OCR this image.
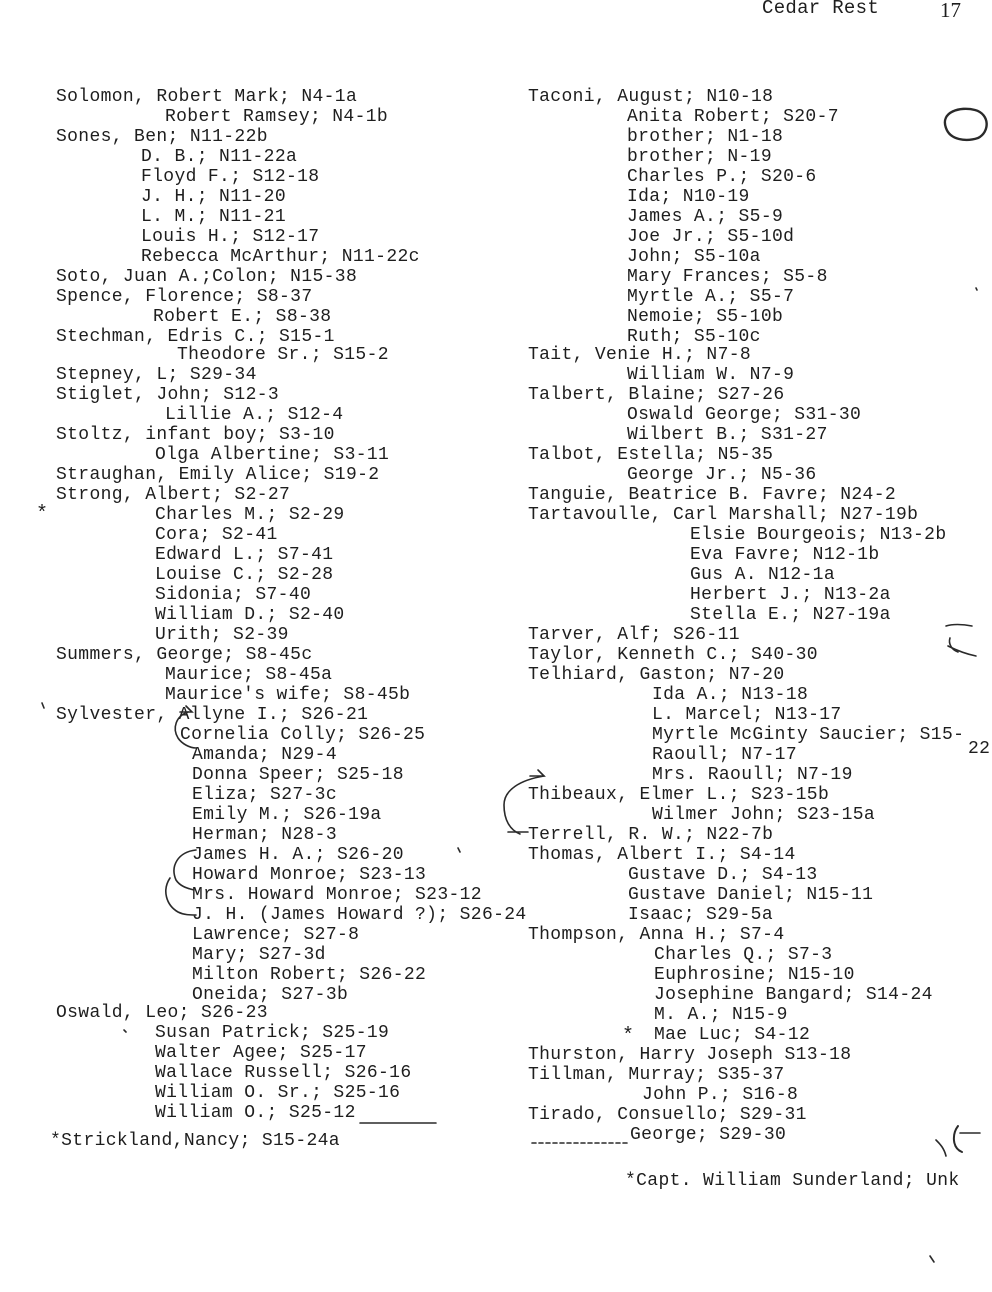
Cedar Rest	17
Solomon, Robert Mark; N4-1a
Robert Ramsey; N4-1b
Sones, Ben; N11-22b
D. B.; N11-22a
Floyd F.; S12-18
J. H.; N11-20
L. M.; N11-21
Louis H.; S12-17
Rebecca McArthur; N11-22c
Soto, Juan A.;Colon; N15-38
Spence, Florence; S8-37
Robert E.; S8-38
Stechman, Edris C.; S15-1
Theodore Sr.; S15-2
Stepney, L; S29-34
Stiglet, John; S12-3
Lillie A.; S12-4
Stoltz, infant boy; S3-10
Olga Albertine; S3-11
Straughan, Emily Alice; S19-2
Strong, Albert; S2-27
Charles M.; S2-29
Cora; S2-41
Edward L.; S7-41
Louise C.; S2-28
Sidonia; S7-40
William D.; S2-40
Urith; S2-39
Summers, George; S8-45c
Maurice; S8-45a
Maurice's wife; S8-45b
Sylvester, Allyne I.; S26-21
Cornelia Colly; S26-25
Amanda; N29-4
Donna Speer; S25-18
Eliza; S27-3c
Emily M.; S26-19a
Herman; N28-3
James H. A.; S26-20
Howard Monroe; S23-13
Mrs. Howard Monroe; S23-12
J. H. (James Howard ?); S26-24
Lawrence; S27-8
Mary; S27-3d
Milton Robert; S26-22
Oneida; S27-3b
Oswald, Leo; S26-23
Susan Patrick; S25-19
Walter Agee; S25-17
Wallace Russell; S26-16
William O. Sr.; S25-16
William O.; S25-12
Taconi, August; N10-18
Anita Robert; S20-7
brother; N1-18
brother; N-19
Charles P.; S20-6
Ida; N10-19
James A.; S5-9
Joe Jr.; S5-10d
John; S5-10a
Mary Frances; S5-8
Myrtle A.; S5-7
Nemoie; S5-10b
Ruth; S5-10c
Tait, Venie H.; N7-8
William W. N7-9
Talbert, Blaine; S27-26
Oswald George; S31-30
Wilbert B.; S31-27
Talbot, Estella; N5-35
George Jr.; N5-36
Tanguie, Beatrice B. Favre; N24-2
Tartavoulle, Carl Marshall; N27-19b
Elsie Bourgeois; N13-2b
Eva Favre; N12-1b
Gus A. N12-1a
Herbert J.; N13-2a
Stella E.; N27-19a
Tarver, Alf; S26-11
Taylor, Kenneth C.; S40-30
Telhiard, Gaston; N7-20
Ida A.; N13-18
L. Marcel; N13-17
Myrtle McGinty Saucier; S15-
Raoull; N7-17
Mrs. Raoull; N7-19
Thibeaux, Elmer L.; S23-15b
Wilmer John; S23-15a
Terrell, R. W.; N22-7b
Thomas, Albert I.; S4-14
Gustave D.; S4-13
Gustave Daniel; N15-11
Isaac; S29-5a
Thompson, Anna H.; S7-4
Charles Q.; S7-3
Euphrosine; N15-10
Josephine Bangard; S14-24
M. A.; N15-9
Mae Luc; S4-12
Thurston, Harry Joseph S13-18
Tillman, Murray; S35-37
John P.; S16-8
Tirado, Consuello; S29-31
George; S29-30
*
*
22
*Strickland,Nancy; S15-24a
*Capt. William Sunderland; Unk
